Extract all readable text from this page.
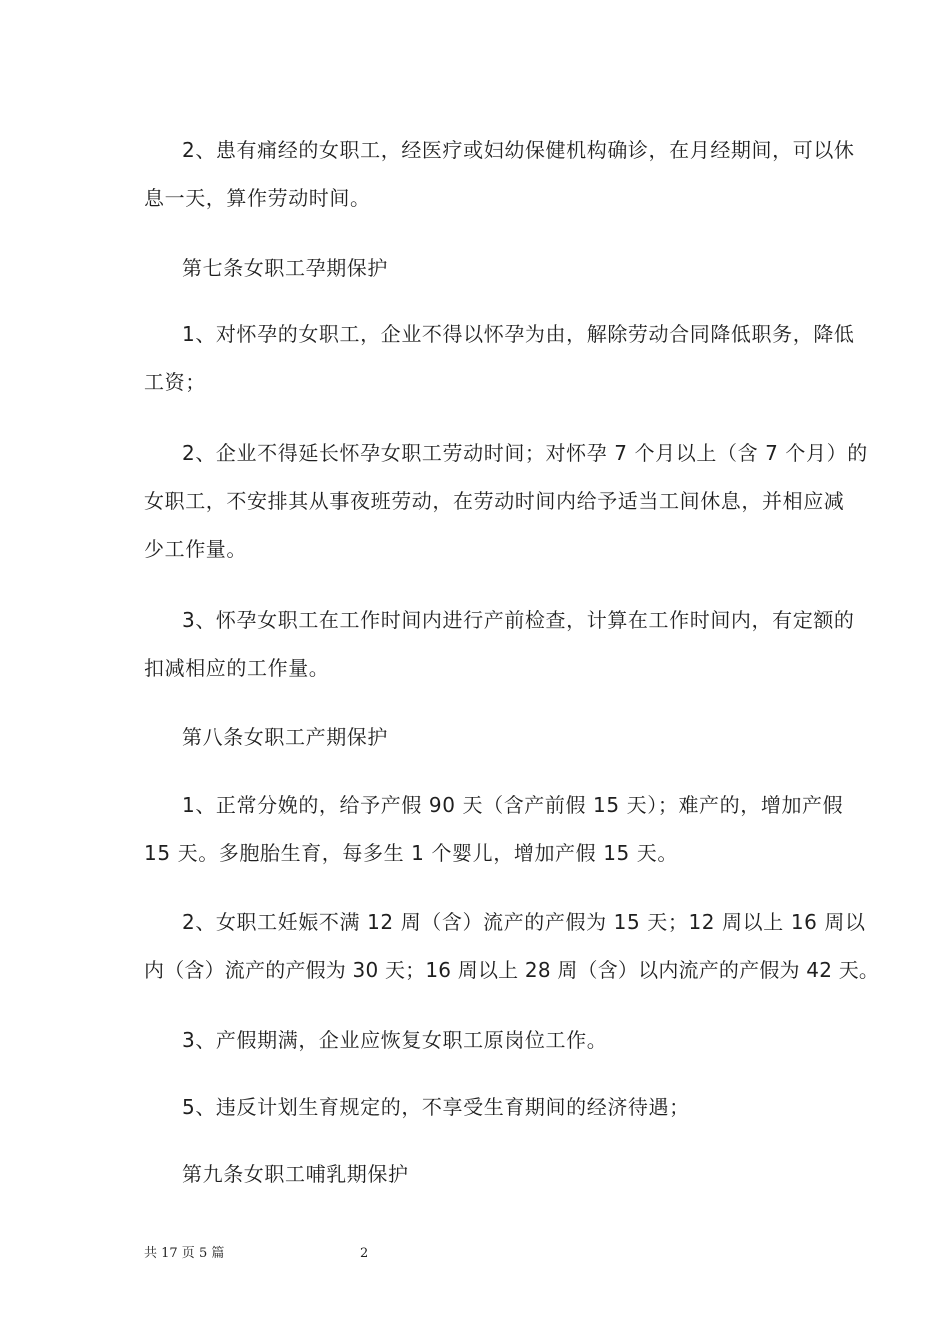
2、患有痛经的女职工，经医疗或妇幼保健机构确诊，在月经期间，可以休
息一天，算作劳动时间。

第七条女职工孕期保护

1、对怀孕的女职工，企业不得以怀孕为由，解除劳动合同降低职务，降低
工资；

2、企业不得延长怀孕女职工劳动时间；对怀孕 7 个月以上（含 7 个月）的
女职工，不安排其从事夜班劳动，在劳动时间内给予适当工间休息，并相应减
少工作量。

3、怀孕女职工在工作时间内进行产前检查，计算在工作时间内，有定额的
扣减相应的工作量。

第八条女职工产期保护

1、正常分娩的，给予产假 90 天（含产前假 15 天）；难产的，增加产假
15 天。多胞胎生育，每多生 1 个婴儿，增加产假 15 天。

2、女职工妊娠不满 12 周（含）流产的产假为 15 天；12 周以上 16 周以
内（含）流产的产假为 30 天；16 周以上 28 周（含）以内流产的产假为 42 天。

3、产假期满，企业应恢复女职工原岗位工作。

5、违反计划生育规定的，不享受生育期间的经济待遇；

第九条女职工哺乳期保护

共 17 页 5 篇	2
